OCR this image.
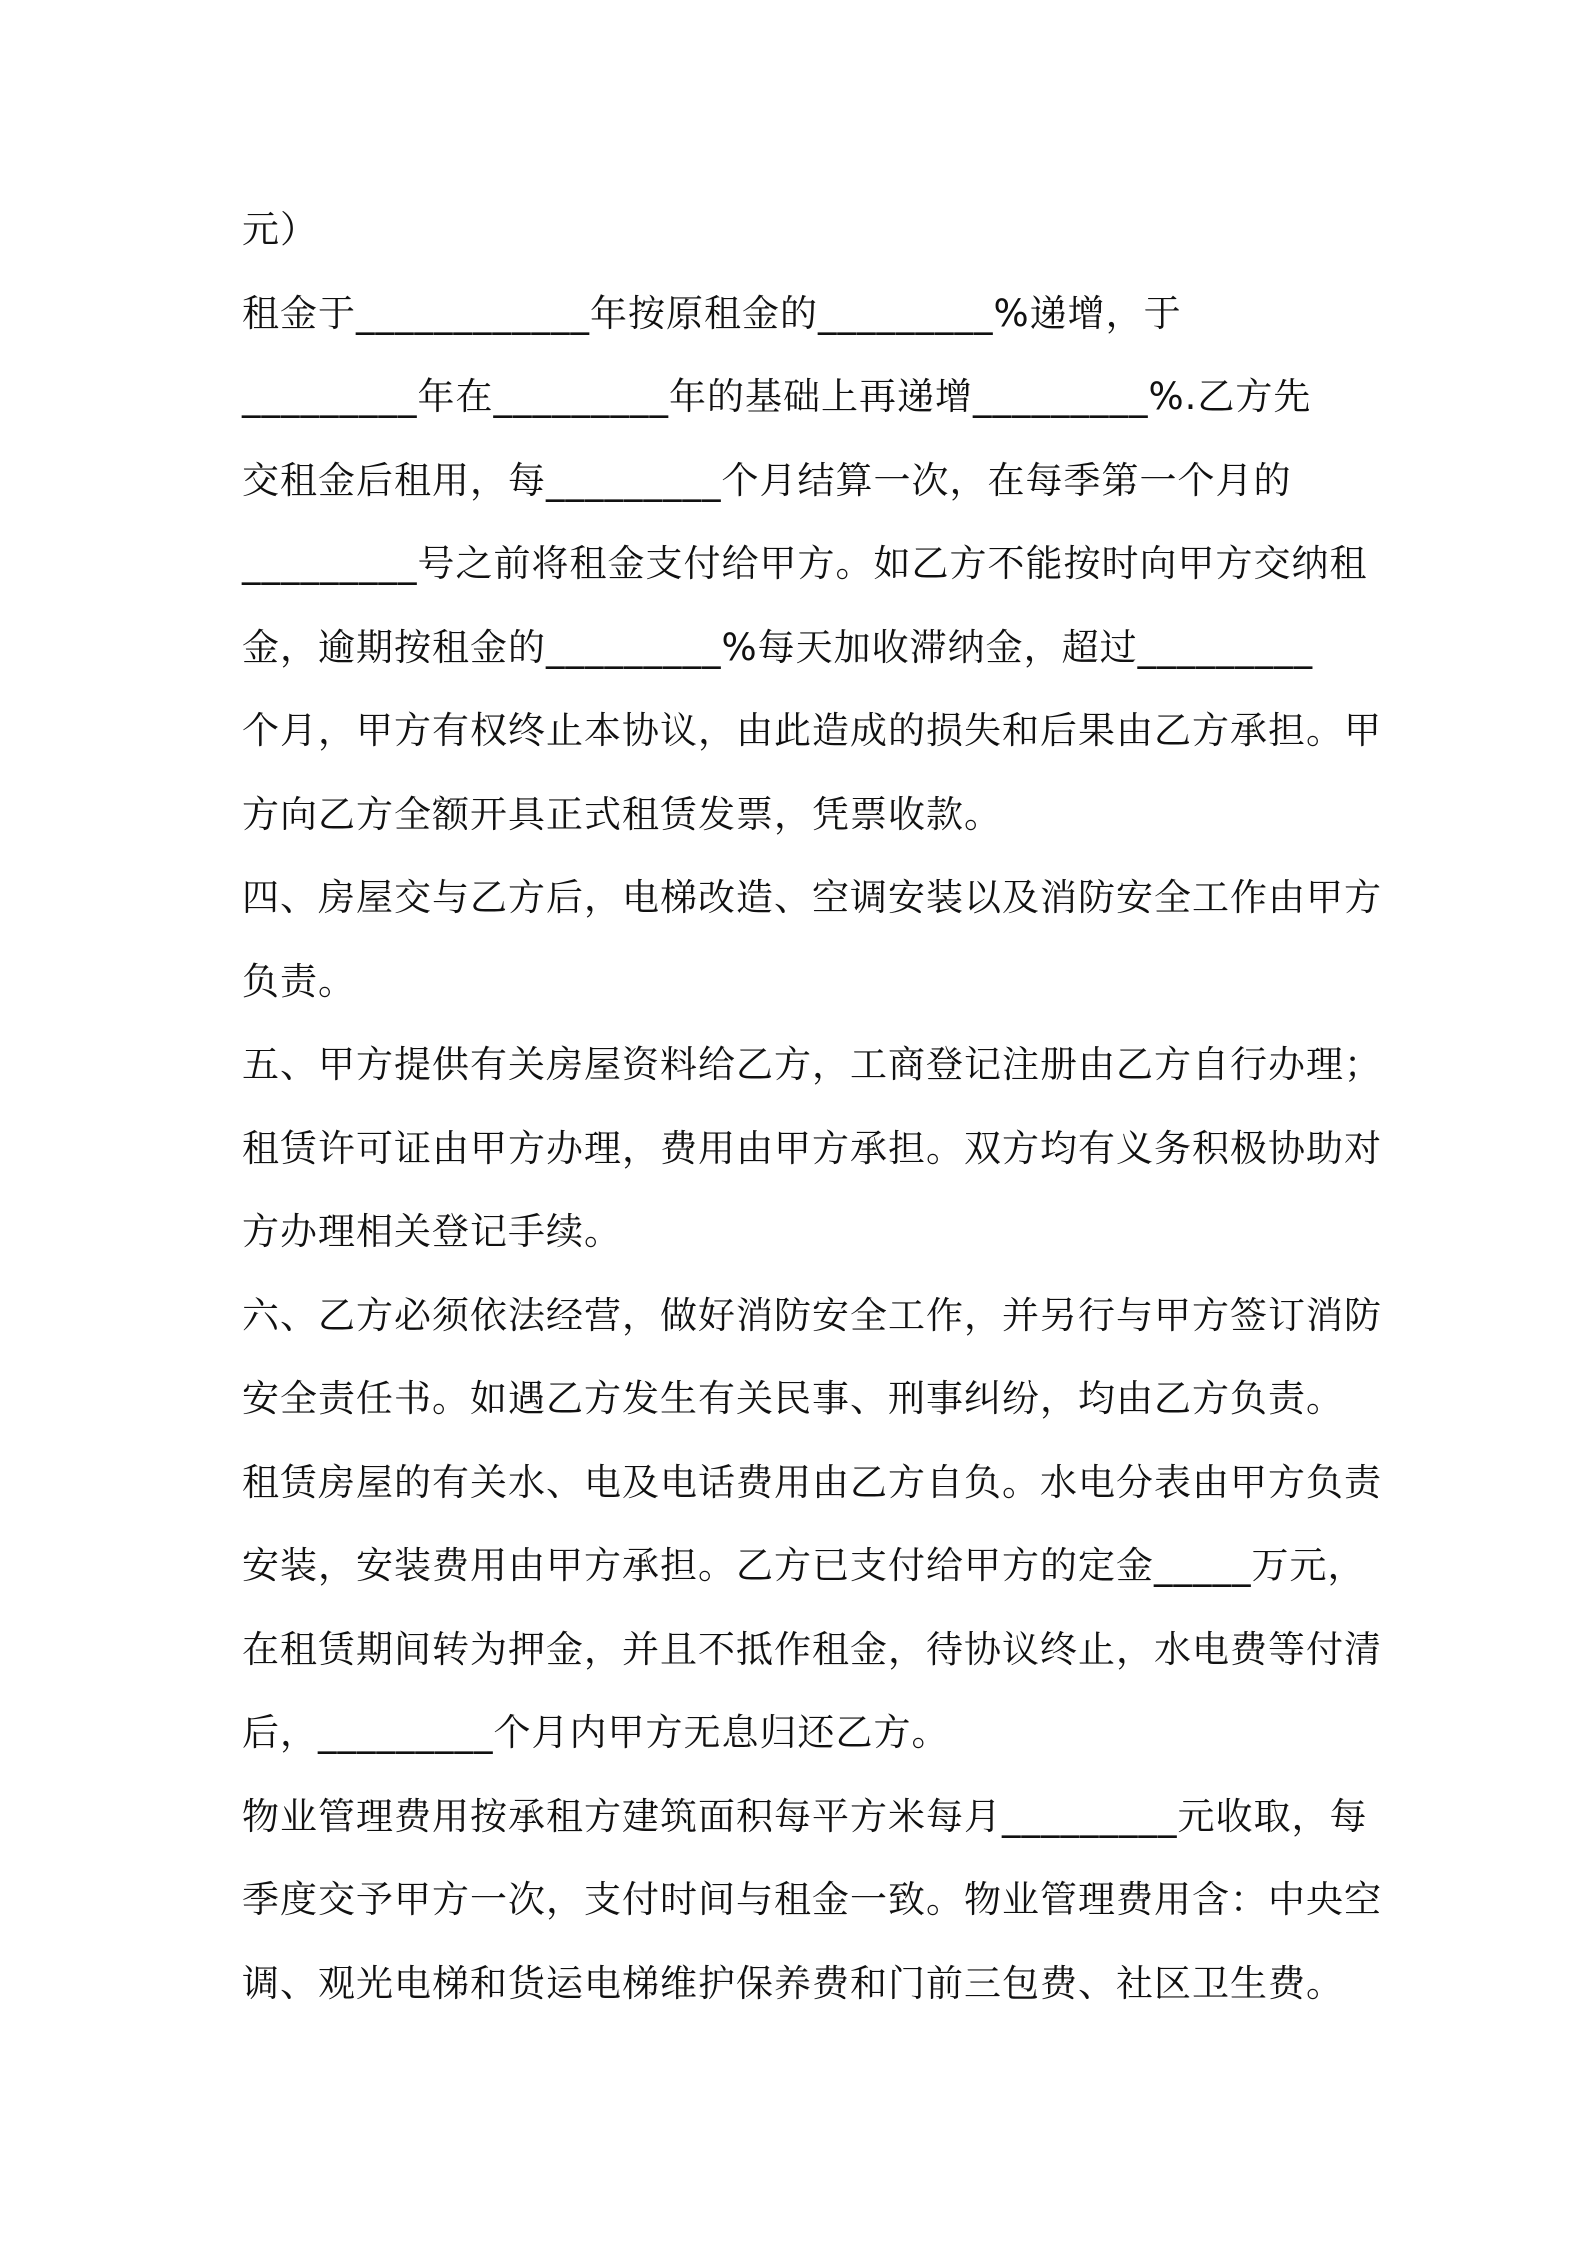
元）
租金于____________年按原租金的_________%递增，于
_________年在_________年的基础上再递增_________%.乙方先
交租金后租用，每_________个月结算一次，在每季第一个月的
_________号之前将租金支付给甲方。如乙方不能按时向甲方交纳租
金，逾期按租金的_________%每天加收滞纳金，超过_________
个月，甲方有权终止本协议，由此造成的损失和后果由乙方承担。甲
方向乙方全额开具正式租赁发票，凭票收款。
四、房屋交与乙方后，电梯改造、空调安装以及消防安全工作由甲方
负责。
五、甲方提供有关房屋资料给乙方，工商登记注册由乙方自行办理；
租赁许可证由甲方办理，费用由甲方承担。双方均有义务积极协助对
方办理相关登记手续。
六、乙方必须依法经营，做好消防安全工作，并另行与甲方签订消防
安全责任书。如遇乙方发生有关民事、刑事纠纷，均由乙方负责。
租赁房屋的有关水、电及电话费用由乙方自负。水电分表由甲方负责
安装，安装费用由甲方承担。乙方已支付给甲方的定金_____万元，
在租赁期间转为押金，并且不抵作租金，待协议终止，水电费等付清
后，_________个月内甲方无息归还乙方。
物业管理费用按承租方建筑面积每平方米每月_________元收取，每
季度交予甲方一次，支付时间与租金一致。物业管理费用含：中央空
调、观光电梯和货运电梯维护保养费和门前三包费、社区卫生费。
